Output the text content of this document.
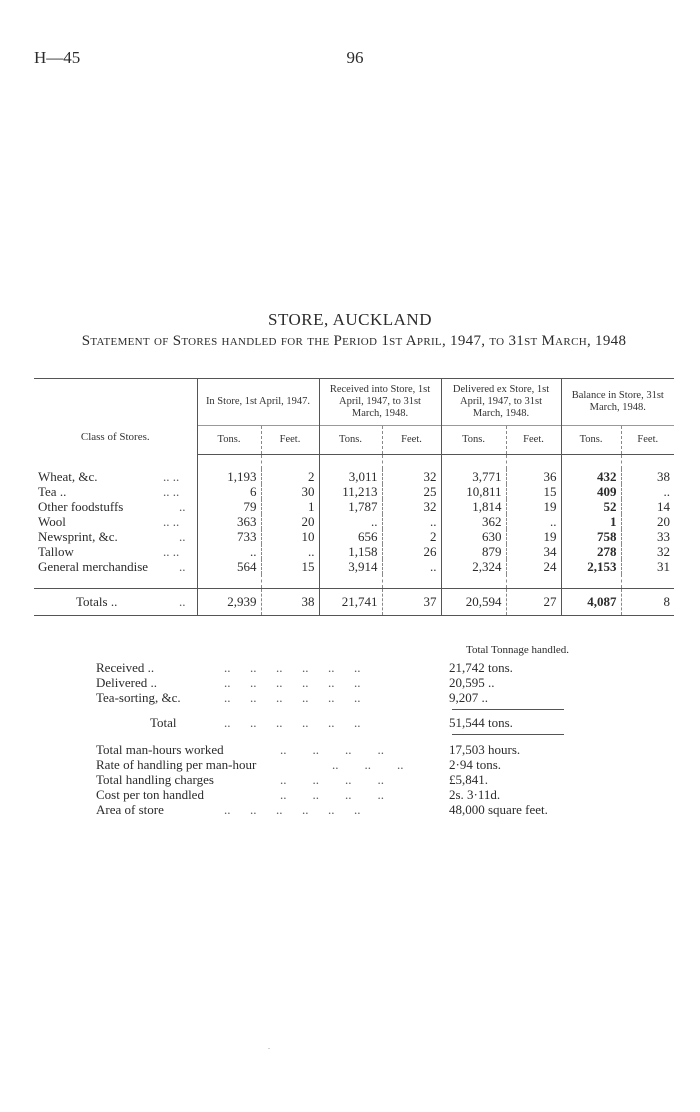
H—45	96
STORE, AUCKLAND
Statement of Stores handled for the Period 1st April, 1947, to 31st March, 1948
Class of Stores.		In Store, 1st April, 1947.		Received into Store, 1st April, 1947, to 31st March, 1948.		Delivered ex Store, 1st April, 1947, to 31st March, 1948.		Balance in Store, 31st March, 1948.	
		Tons.	Feet.	Tons.	Feet.	Tons.	Feet.	Tons.	Feet.

Wheat, &c.	.. ..	1,193	2	3,011	32	3,771	36	432	38
Tea ..	.. ..	6	30	11,213	25	10,811	15	409	..
Other foodstuffs	..	79	1	1,787	32	1,814	19	52	14
Wool	.. ..	363	20	..	..	362	..	1	20
Newsprint, &c.	..	733	10	656	2	630	19	758	33
Tallow	.. ..	..	..	1,158	26	879	34	278	32
General merchandise	..	564	15	3,914	..	2,324	24	2,153	31

Totals ..	..	2,939	38	21,741	37	20,594	27	4,087	8
Total Tonnage handled.
Received ..	..      ..      ..      ..      ..      ..	21,742 tons.
Delivered ..	..      ..      ..      ..      ..      ..	20,595 ..
Tea-sorting, &c.	..      ..      ..      ..      ..      ..	9,207 ..
Total	..      ..      ..      ..      ..      ..	51,544 tons.
Total man-hours worked	..        ..        ..        ..	17,503 hours.
Rate of handling per man-hour	..        ..        ..	2·94 tons.
Total handling charges	..        ..        ..        ..	£5,841.
Cost per ton handled	..        ..        ..        ..	2s. 3·11d.
Area of store	..      ..      ..      ..      ..      ..	48,000 square feet.
.
